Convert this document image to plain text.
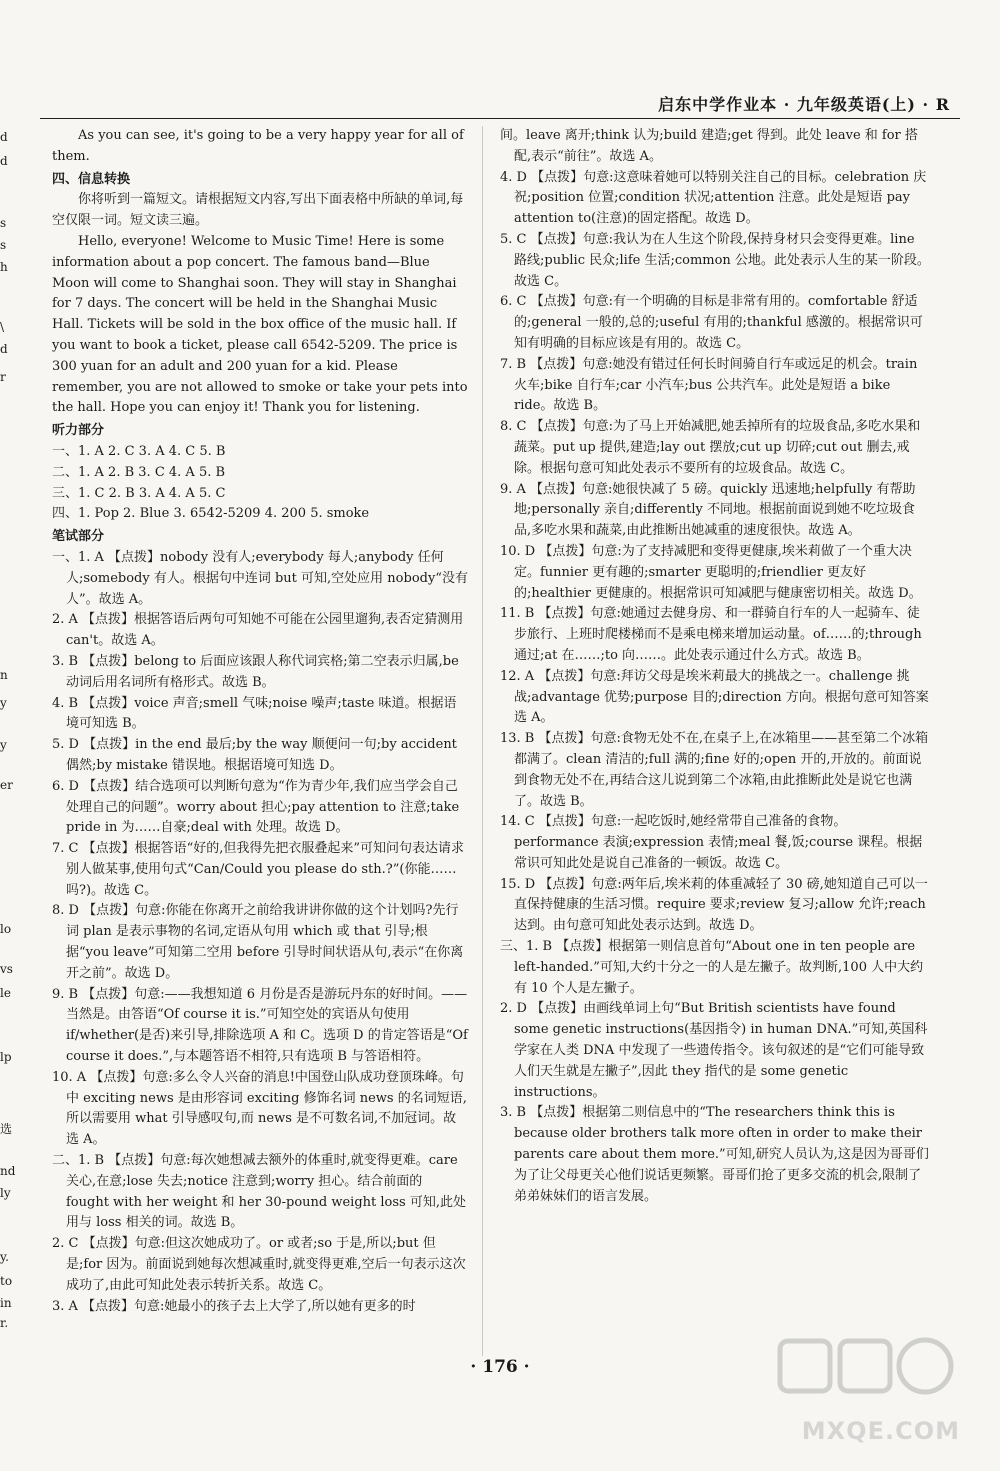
启东中学作业本 · 九年级英语(上) · R
d
d
s
s
h
\
d
r
n
y
y
er
lo
vs
le
lp
选
nd
ly
y.
to
in
r.

As you can see, it's going to be a very happy year for all of them.

四、信息转换

你将听到一篇短文。请根据短文内容,写出下面表格中所缺的单词,每空仅限一词。短文读三遍。

Hello, everyone! Welcome to Music Time! Here is some information about a pop concert. The famous band—Blue Moon will come to Shanghai soon. They will stay in Shanghai for 7 days. The concert will be held in the Shanghai Music Hall. Tickets will be sold in the box office of the music hall. If you want to book a ticket, please call 6542-5209. The price is 300 yuan for an adult and 200 yuan for a kid. Please remember, you are not allowed to smoke or take your pets into the hall. Hope you can enjoy it! Thank you for listening.

听力部分

一、1. A 2. C 3. A 4. C 5. B

二、1. A 2. B 3. C 4. A 5. B

三、1. C 2. B 3. A 4. A 5. C

四、1. Pop 2. Blue 3. 6542-5209 4. 200 5. smoke

笔试部分

一、1. A 【点拨】nobody 没有人;everybody 每人;anybody 任何人;somebody 有人。根据句中连词 but 可知,空处应用 nobody“没有人”。故选 A。

2. A 【点拨】根据答语后两句可知她不可能在公园里遛狗,表否定猜测用 can't。故选 A。

3. B 【点拨】belong to 后面应该跟人称代词宾格;第二空表示归属,be 动词后用名词所有格形式。故选 B。

4. B 【点拨】voice 声音;smell 气味;noise 噪声;taste 味道。根据语境可知选 B。

5. D 【点拨】in the end 最后;by the way 顺便问一句;by accident 偶然;by mistake 错误地。根据语境可知选 D。

6. D 【点拨】结合选项可以判断句意为“作为青少年,我们应当学会自己处理自己的问题”。worry about 担心;pay attention to 注意;take pride in 为……自豪;deal with 处理。故选 D。

7. C 【点拨】根据答语“好的,但我得先把衣服叠起来”可知问句表达请求别人做某事,使用句式“Can/Could you please do sth.?”(你能……吗?)。故选 C。

8. D 【点拨】句意:你能在你离开之前给我讲讲你做的这个计划吗?先行词 plan 是表示事物的名词,定语从句用 which 或 that 引导;根据“you leave”可知第二空用 before 引导时间状语从句,表示“在你离开之前”。故选 D。

9. B 【点拨】句意:——我想知道 6 月份是否是游玩丹东的好时间。——当然是。由答语“Of course it is.”可知空处的宾语从句使用 if/whether(是否)来引导,排除选项 A 和 C。选项 D 的肯定答语是“Of course it does.”,与本题答语不相符,只有选项 B 与答语相符。

10. A 【点拨】句意:多么令人兴奋的消息!中国登山队成功登顶珠峰。句中 exciting news 是由形容词 exciting 修饰名词 news 的名词短语,所以需要用 what 引导感叹句,而 news 是不可数名词,不加冠词。故选 A。

二、1. B 【点拨】句意:每次她想减去额外的体重时,就变得更难。care 关心,在意;lose 失去;notice 注意到;worry 担心。结合前面的 fought with her weight 和 her 30-pound weight loss 可知,此处用与 loss 相关的词。故选 B。

2. C 【点拨】句意:但这次她成功了。or 或者;so 于是,所以;but 但是;for 因为。前面说到她每次想减重时,就变得更难,空后一句表示这次成功了,由此可知此处表示转折关系。故选 C。

3. A 【点拨】句意:她最小的孩子去上大学了,所以她有更多的时

间。leave 离开;think 认为;build 建造;get 得到。此处 leave 和 for 搭配,表示“前往”。故选 A。

4. D 【点拨】句意:这意味着她可以特别关注自己的目标。celebration 庆祝;position 位置;condition 状况;attention 注意。此处是短语 pay attention to(注意)的固定搭配。故选 D。

5. C 【点拨】句意:我认为在人生这个阶段,保持身材只会变得更难。line 路线;public 民众;life 生活;common 公地。此处表示人生的某一阶段。故选 C。

6. C 【点拨】句意:有一个明确的目标是非常有用的。comfortable 舒适的;general 一般的,总的;useful 有用的;thankful 感激的。根据常识可知有明确的目标应该是有用的。故选 C。

7. B 【点拨】句意:她没有错过任何长时间骑自行车或远足的机会。train 火车;bike 自行车;car 小汽车;bus 公共汽车。此处是短语 a bike ride。故选 B。

8. C 【点拨】句意:为了马上开始减肥,她丢掉所有的垃圾食品,多吃水果和蔬菜。put up 提供,建造;lay out 摆放;cut up 切碎;cut out 删去,戒除。根据句意可知此处表示不要所有的垃圾食品。故选 C。

9. A 【点拨】句意:她很快减了 5 磅。quickly 迅速地;helpfully 有帮助地;personally 亲自;differently 不同地。根据前面说到她不吃垃圾食品,多吃水果和蔬菜,由此推断出她减重的速度很快。故选 A。

10. D 【点拨】句意:为了支持减肥和变得更健康,埃米莉做了一个重大决定。funnier 更有趣的;smarter 更聪明的;friendlier 更友好的;healthier 更健康的。根据常识可知减肥与健康密切相关。故选 D。

11. B 【点拨】句意:她通过去健身房、和一群骑自行车的人一起骑车、徒步旅行、上班时爬楼梯而不是乘电梯来增加运动量。of……的;through 通过;at 在……;to 向……。此处表示通过什么方式。故选 B。

12. A 【点拨】句意:拜访父母是埃米莉最大的挑战之一。challenge 挑战;advantage 优势;purpose 目的;direction 方向。根据句意可知答案选 A。

13. B 【点拨】句意:食物无处不在,在桌子上,在冰箱里——甚至第二个冰箱都满了。clean 清洁的;full 满的;fine 好的;open 开的,开放的。前面说到食物无处不在,再结合这儿说到第二个冰箱,由此推断此处是说它也满了。故选 B。

14. C 【点拨】句意:一起吃饭时,她经常带自己准备的食物。performance 表演;expression 表情;meal 餐,饭;course 课程。根据常识可知此处是说自己准备的一顿饭。故选 C。

15. D 【点拨】句意:两年后,埃米莉的体重减轻了 30 磅,她知道自己可以一直保持健康的生活习惯。require 要求;review 复习;allow 允许;reach 达到。由句意可知此处表示达到。故选 D。

三、1. B 【点拨】根据第一则信息首句“About one in ten people are left-handed.”可知,大约十分之一的人是左撇子。故判断,100 人中大约有 10 个人是左撇子。

2. D 【点拨】由画线单词上句“But British scientists have found some genetic instructions(基因指令) in human DNA.”可知,英国科学家在人类 DNA 中发现了一些遗传指令。该句叙述的是“它们可能导致人们天生就是左撇子”,因此 they 指代的是 some genetic instructions。

3. B 【点拨】根据第二则信息中的“The researchers think this is because older brothers talk more often in order to make their parents care about them more.”可知,研究人员认为,这是因为哥哥们为了让父母更关心他们说话更频繁。哥哥们抢了更多交流的机会,限制了弟弟妹妹们的语言发展。

· 176 ·
MXQE.COM
